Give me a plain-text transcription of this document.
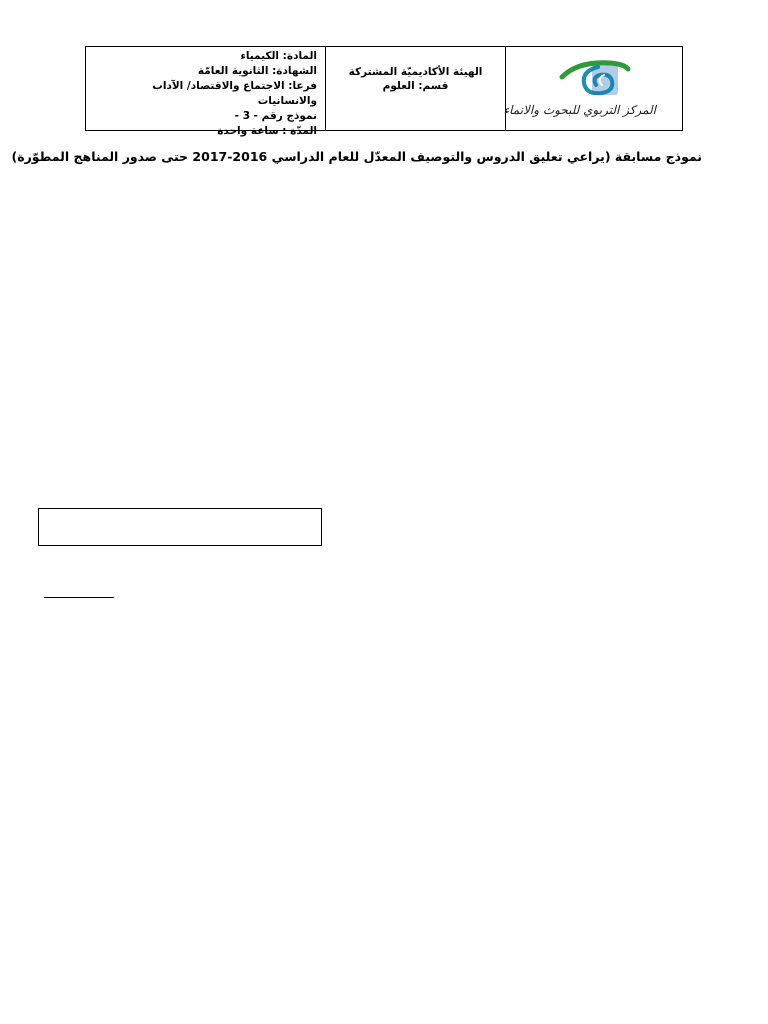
المادة: الكيمياء
الشهادة: الثانوية العامّة
فرعا: الاجتماع والاقتصاد/ الآداب والانسانيات
نموذج رقم - 3 -
المدّة : ساعة واحدة
الهيئة الأكاديميّة المشتركة
قسم: العلوم
المركز التربوي للبحوث والانماء
نموذج مسابقة (يراعي تعليق الدروس والتوصيف المعدّل للعام الدراسي 2016-2017 حتى صدور المناهج المطوّرة)
